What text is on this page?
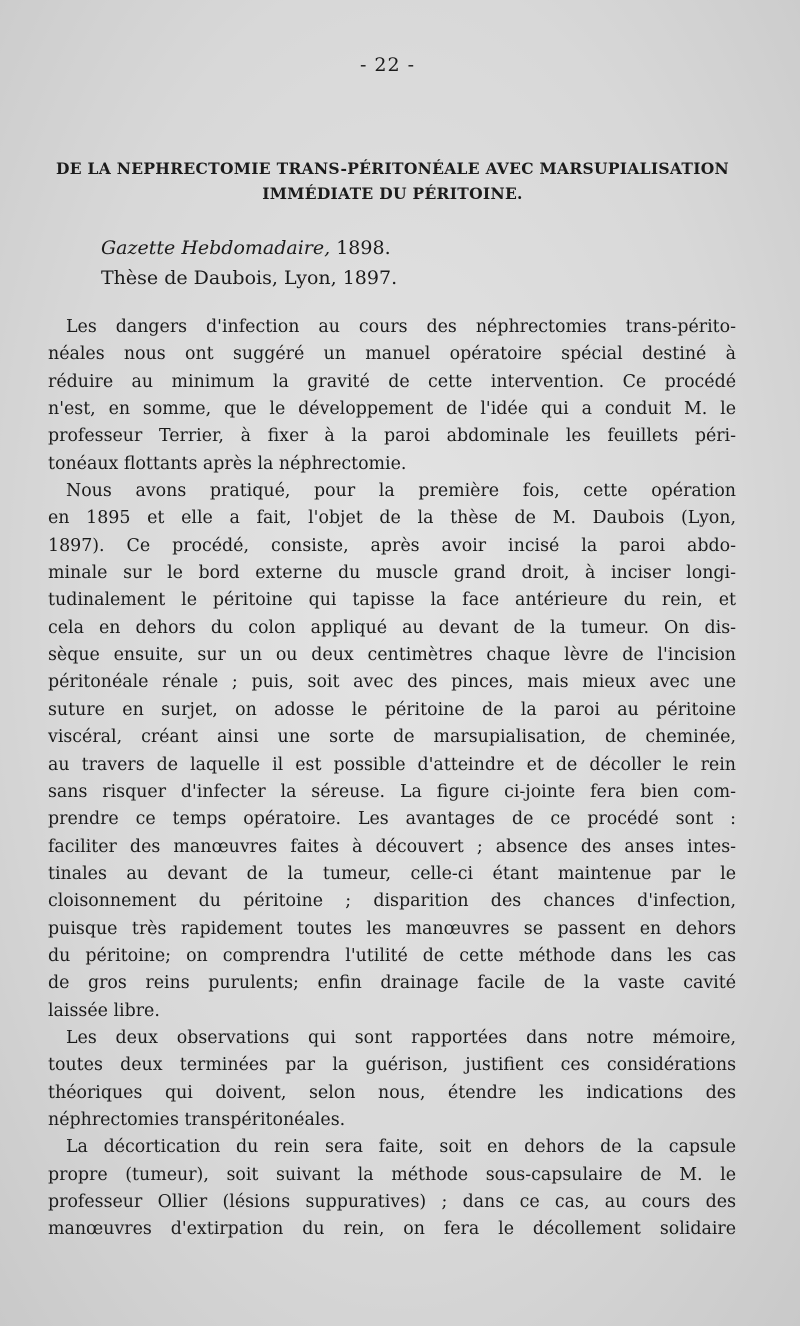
- 22 -
DE LA NEPHRECTOMIE TRANS-PÉRITONÉALE AVEC MARSUPIALISATION
IMMÉDIATE DU PÉRITOINE.
Gazette Hebdomadaire, 1898.
Thèse de Daubois, Lyon, 1897.

Les dangers d'infection au cours des néphrectomies trans-périto-
néales nous ont suggéré un manuel opératoire spécial destiné à
réduire au minimum la gravité de cette intervention. Ce procédé
n'est, en somme, que le développement de l'idée qui a conduit M. le
professeur Terrier, à fixer à la paroi abdominale les feuillets péri-
tonéaux flottants après la néphrectomie.

Nous avons pratiqué, pour la première fois, cette opération
en 1895 et elle a fait, l'objet de la thèse de M. Daubois (Lyon,
1897). Ce procédé, consiste, après avoir incisé la paroi abdo-
minale sur le bord externe du muscle grand droit, à inciser longi-
tudinalement le péritoine qui tapisse la face antérieure du rein, et
cela en dehors du colon appliqué au devant de la tumeur. On dis-
sèque ensuite, sur un ou deux centimètres chaque lèvre de l'incision
péritonéale rénale ; puis, soit avec des pinces, mais mieux avec une
suture en surjet, on adosse le péritoine de la paroi au péritoine
viscéral, créant ainsi une sorte de marsupialisation, de cheminée,
au travers de laquelle il est possible d'atteindre et de décoller le rein
sans risquer d'infecter la séreuse. La figure ci-jointe fera bien com-
prendre ce temps opératoire. Les avantages de ce procédé sont :
faciliter des manœuvres faites à découvert ; absence des anses intes-
tinales au devant de la tumeur, celle-ci étant maintenue par le
cloisonnement du péritoine ; disparition des chances d'infection,
puisque très rapidement toutes les manœuvres se passent en dehors
du péritoine; on comprendra l'utilité de cette méthode dans les cas
de gros reins purulents; enfin drainage facile de la vaste cavité
laissée libre.

Les deux observations qui sont rapportées dans notre mémoire,
toutes deux terminées par la guérison, justifient ces considérations
théoriques qui doivent, selon nous, étendre les indications des
néphrectomies transpéritonéales.

La décortication du rein sera faite, soit en dehors de la capsule
propre (tumeur), soit suivant la méthode sous-capsulaire de M. le
professeur Ollier (lésions suppuratives) ; dans ce cas, au cours des
manœuvres d'extirpation du rein, on fera le décollement solidaire
